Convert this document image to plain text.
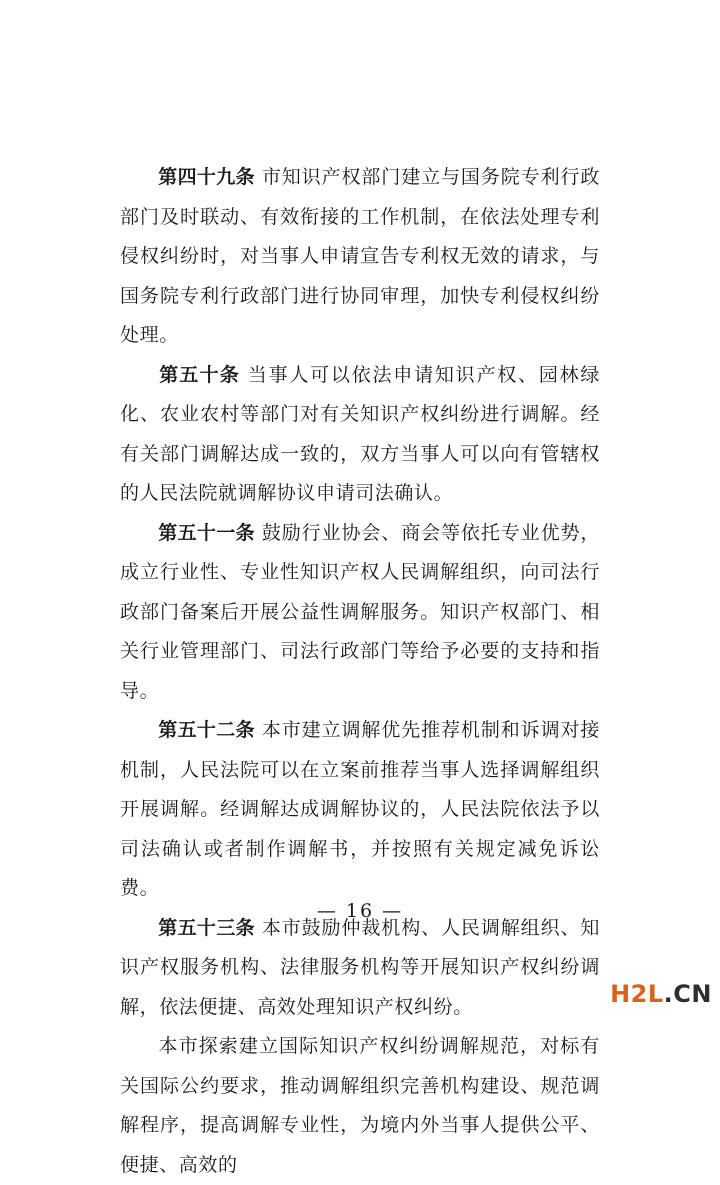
第四十九条 市知识产权部门建立与国务院专利行政部门及时联动、有效衔接的工作机制，在依法处理专利侵权纠纷时，对当事人申请宣告专利权无效的请求，与国务院专利行政部门进行协同审理，加快专利侵权纠纷处理。

第五十条 当事人可以依法申请知识产权、园林绿化、农业农村等部门对有关知识产权纠纷进行调解。经有关部门调解达成一致的，双方当事人可以向有管辖权的人民法院就调解协议申请司法确认。

第五十一条 鼓励行业协会、商会等依托专业优势，成立行业性、专业性知识产权人民调解组织，向司法行政部门备案后开展公益性调解服务。知识产权部门、相关行业管理部门、司法行政部门等给予必要的支持和指导。

第五十二条 本市建立调解优先推荐机制和诉调对接机制，人民法院可以在立案前推荐当事人选择调解组织开展调解。经调解达成调解协议的，人民法院依法予以司法确认或者制作调解书，并按照有关规定减免诉讼费。

第五十三条 本市鼓励仲裁机构、人民调解组织、知识产权服务机构、法律服务机构等开展知识产权纠纷调解，依法便捷、高效处理知识产权纠纷。

本市探索建立国际知识产权纠纷调解规范，对标有关国际公约要求，推动调解组织完善机构建设、规范调解程序，提高调解专业性，为境内外当事人提供公平、便捷、高效的

— 16 —
H2L.CN
